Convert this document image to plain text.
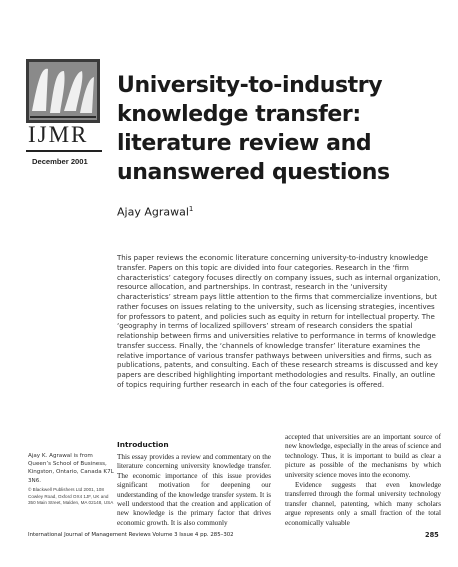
IJMR
December 2001
University-to-industry knowledge transfer: literature review and unanswered questions
Ajay Agrawal$^1$

This paper reviews the economic literature concerning university-to-industry knowledge transfer. Papers on this topic are divided into four categories. Research in the ‘firm characteristics’ category focuses directly on company issues, such as internal organization, resource allocation, and partnerships. In contrast, research in the ‘university characteristics’ stream pays little attention to the firms that commercialize inventions, but rather focuses on issues relating to the university, such as licensing strategies, incentives for professors to patent, and policies such as equity in return for intellectual property. The ‘geography in terms of localized spillovers’ stream of research considers the spatial relationship between firms and universities relative to performance in terms of knowledge transfer success. Finally, the ‘channels of knowledge transfer’ literature examines the relative importance of various transfer pathways between universities and firms, such as publications, patents, and consulting. Each of these research streams is discussed and key papers are described highlighting important methodologies and results. Finally, an outline of topics requiring further research in each of the four categories is offered.

Ajay K. Agrawal is from Queen’s School of Business, Kingston, Ontario, Canada K7L 3N6.

© Blackwell Publishers Ltd 2001, 108 Cowley Road, Oxford OX4 1JF, UK and 350 Main Street, Malden, MA 02148, USA

Introduction

This essay provides a review and commentary on the literature concerning university knowledge transfer. The economic importance of this issue provides significant motivation for deepening our understanding of the knowledge transfer system. It is well understood that the creation and application of new knowledge is the primary factor that drives economic growth. It is also commonly

accepted that universities are an important source of new knowledge, especially in the areas of science and technology. Thus, it is important to build as clear a picture as possible of the mechanisms by which university science moves into the economy.
Evidence suggests that even knowledge transferred through the formal university technology transfer channel, patenting, which many scholars argue represents only a small fraction of the total economically valuable

International Journal of Management Reviews Volume 3 Issue 4 pp. 285–302	285
